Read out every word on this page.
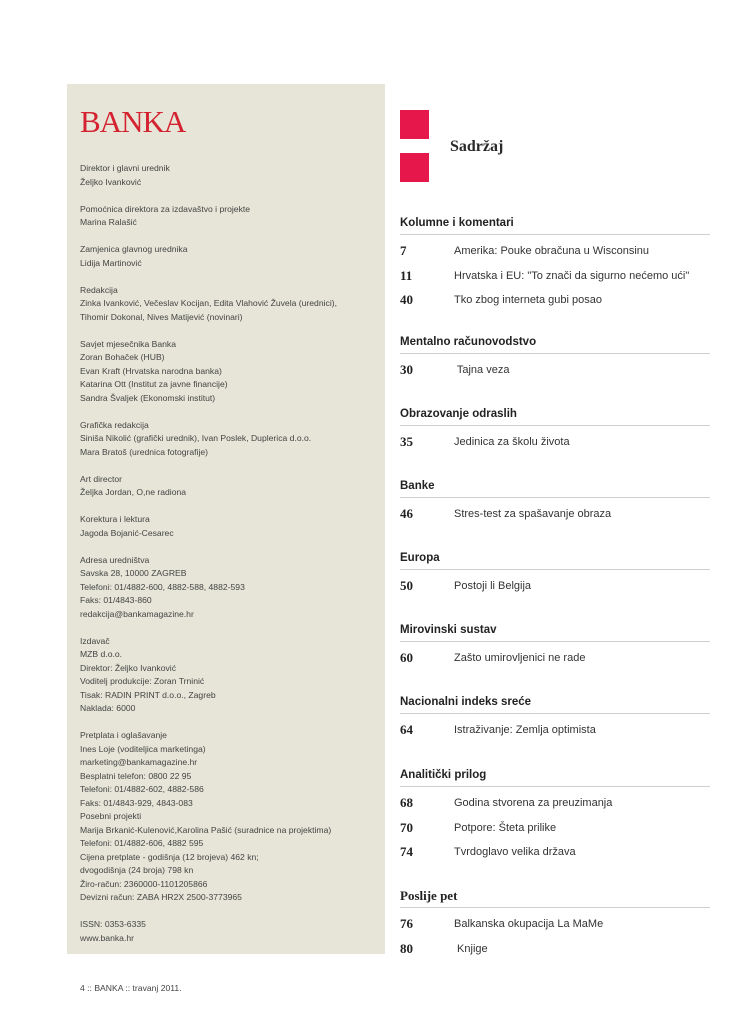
BANKA
Direktor i glavni urednik
Željko Ivanković
Pomoćnica direktora za izdavaštvo i projekte
Marina Ralašić
Zamjenica glavnog urednika
Lidija Martinović
Redakcija
Zinka Ivanković, Večeslav Kocijan, Edita Vlahović Žuvela (urednici),
Tihomir Dokonal, Nives Matijević (novinari)
Savjet mjesečnika Banka
Zoran Bohaček (HUB)
Evan Kraft (Hrvatska narodna banka)
Katarina Ott (Institut za javne financije)
Sandra Švaljek (Ekonomski institut)
Grafička redakcija
Siniša Nikolić (grafički urednik), Ivan Poslek, Duplerica d.o.o.
Mara Bratoš (urednica fotografije)
Art director
Željka Jordan, O,ne radiona
Korektura i lektura
Jagoda Bojanić-Cesarec
Adresa uredništva
Savska 28, 10000 ZAGREB
Telefoni: 01/4882-600, 4882-588, 4882-593
Faks: 01/4843-860
redakcija@bankamagazine.hr
Izdavač
MZB d.o.o.
Direktor: Željko Ivanković
Voditelj produkcije: Zoran Trninić
Tisak: RADIN PRINT d.o.o., Zagreb
Naklada: 6000
Pretplata i oglašavanje
Ines Loje (voditeljica marketinga)
marketing@bankamagazine.hr
Besplatni telefon: 0800 22 95
Telefoni: 01/4882-602, 4882-586
Faks: 01/4843-929, 4843-083
Posebni projekti
Marija Brkanić-Kulenović,Karolina Pašić (suradnice na projektima)
Telefoni: 01/4882-606, 4882 595
Cijena pretplate - godišnja (12 brojeva) 462 kn;
dvogodišnja (24 broja) 798 kn
Žiro-račun: 2360000-1101205866
Devizni račun: ZABA HR2X 2500-3773965
ISSN: 0353-6335
www.banka.hr
4 :: BANKA :: travanj 2011.
Sadržaj
Kolumne i komentari
7	Amerika: Pouke obračuna u Wisconsinu
11	Hrvatska i EU: "To znači da sigurno nećemo ući"
40	Tko zbog interneta gubi posao
Mentalno računovodstvo
30	Tajna veza
Obrazovanje odraslih
35	Jedinica za školu života
Banke
46	Stres-test za spašavanje obraza
Europa
50	Postoji li Belgija
Mirovinski sustav
60	Zašto umirovljenici ne rade
Nacionalni indeks sreće
64	Istraživanje: Zemlja optimista
Analitički prilog
68	Godina stvorena za preuzimanja
70	Potpore: Šteta prilike
74	Tvrdoglavo velika država
Poslije pet
76	Balkanska okupacija La MaMe
80	Knjige
